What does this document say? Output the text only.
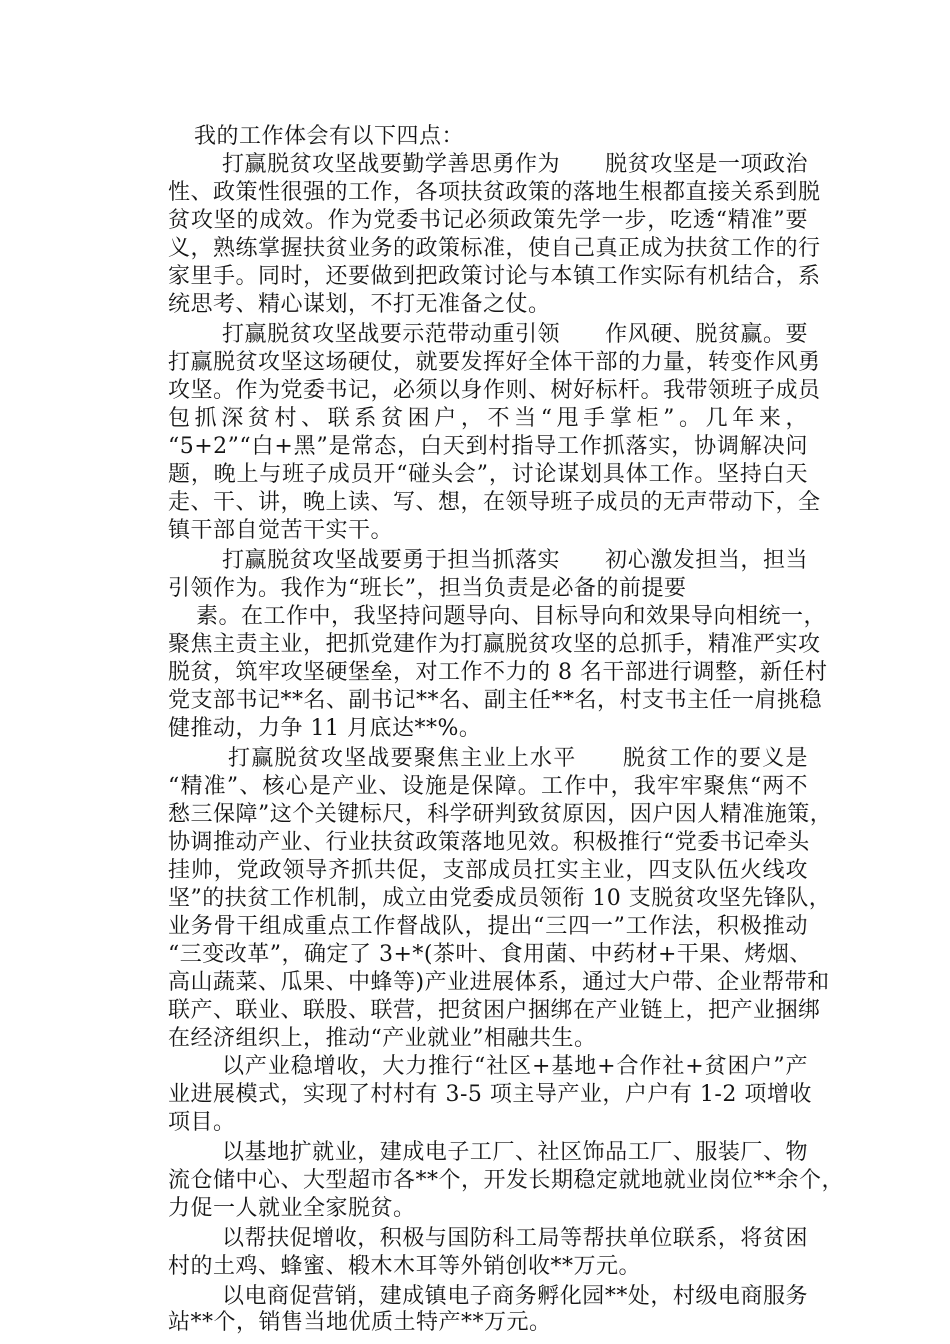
我的工作体会有以下四点：
打赢脱贫攻坚战要勤学善思勇作为　　脱贫攻坚是一项政治
性、政策性很强的工作，各项扶贫政策的落地生根都直接关系到脱
贫攻坚的成效。作为党委书记必须政策先学一步，吃透“精准”要
义，熟练掌握扶贫业务的政策标准，使自己真正成为扶贫工作的行
家里手。同时，还要做到把政策讨论与本镇工作实际有机结合，系
统思考、精心谋划，不打无准备之仗。
打赢脱贫攻坚战要示范带动重引领　　作风硬、脱贫赢。要
打赢脱贫攻坚这场硬仗，就要发挥好全体干部的力量，转变作风勇
攻坚。作为党委书记，必须以身作则、树好标杆。我带领班子成员
包抓深贫村、联系贫困户，不当“甩手掌柜”。几年来，
“5+2”“白+黑”是常态，白天到村指导工作抓落实，协调解决问
题，晚上与班子成员开“碰头会”，讨论谋划具体工作。坚持白天
走、干、讲，晚上读、写、想，在领导班子成员的无声带动下，全
镇干部自觉苦干实干。
打赢脱贫攻坚战要勇于担当抓落实　　初心激发担当，担当
引领作为。我作为“班长”，担当负责是必备的前提要
素。在工作中，我坚持问题导向、目标导向和效果导向相统一，
聚焦主责主业，把抓党建作为打赢脱贫攻坚的总抓手，精准严实攻
脱贫，筑牢攻坚硬堡垒，对工作不力的 8 名干部进行调整，新任村
党支部书记**名、副书记**名、副主任**名，村支书主任一肩挑稳
健推动，力争 11 月底达**%。
打赢脱贫攻坚战要聚焦主业上水平　　脱贫工作的要义是
“精准”、核心是产业、设施是保障。工作中，我牢牢聚焦“两不
愁三保障”这个关键标尺，科学研判致贫原因，因户因人精准施策，
协调推动产业、行业扶贫政策落地见效。积极推行“党委书记牵头
挂帅，党政领导齐抓共促，支部成员扛实主业，四支队伍火线攻
坚”的扶贫工作机制，成立由党委成员领衔 10 支脱贫攻坚先锋队，
业务骨干组成重点工作督战队，提出“三四一”工作法，积极推动
“三变改革”，确定了 3+*(茶叶、食用菌、中药材+干果、烤烟、
高山蔬菜、瓜果、中蜂等)产业进展体系，通过大户带、企业帮带和
联产、联业、联股、联营，把贫困户捆绑在产业链上，把产业捆绑
在经济组织上，推动“产业就业”相融共生。
以产业稳增收，大力推行“社区+基地+合作社+贫困户”产
业进展模式，实现了村村有 3-5 项主导产业，户户有 1-2 项增收
项目。
以基地扩就业，建成电子工厂、社区饰品工厂、服装厂、物
流仓储中心、大型超市各**个，开发长期稳定就地就业岗位**余个，
力促一人就业全家脱贫。
以帮扶促增收，积极与国防科工局等帮扶单位联系，将贫困
村的土鸡、蜂蜜、椴木木耳等外销创收**万元。
以电商促营销，建成镇电子商务孵化园**处，村级电商服务
站**个，销售当地优质土特产**万元。
